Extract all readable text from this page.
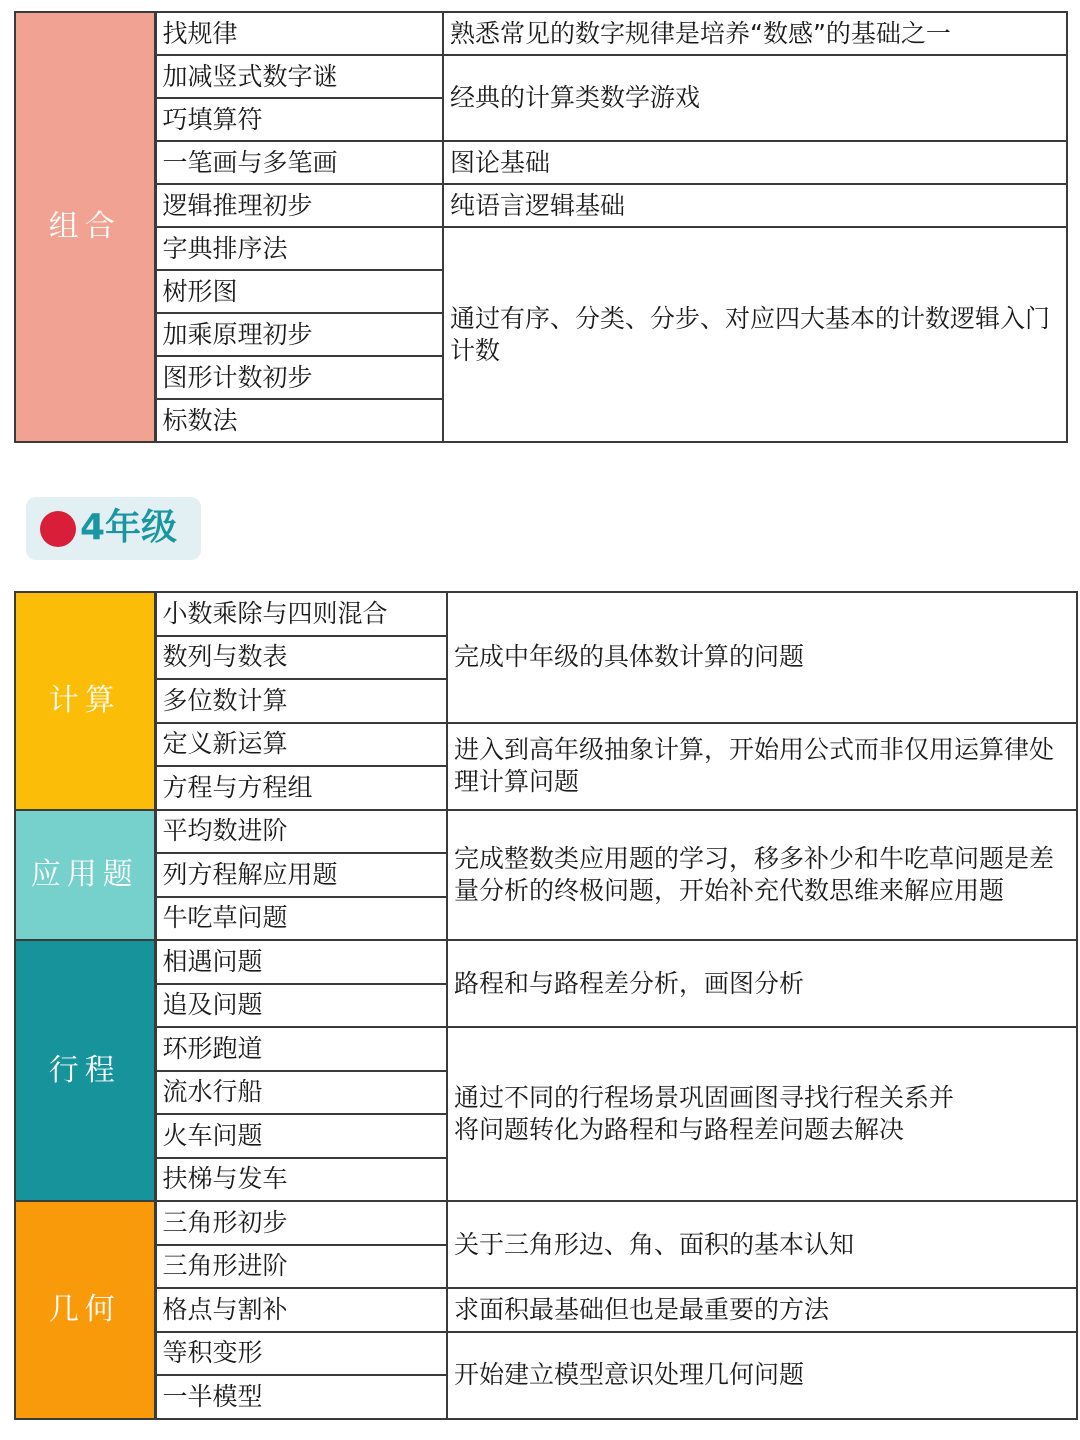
组合	找规律	熟悉常见的数字规律是培养“数感”的基础之一
	加减竖式数字谜	经典的计算类数学游戏
	巧填算符	
	一笔画与多笔画	图论基础
	逻辑推理初步	纯语言逻辑基础
	字典排序法	通过有序、分类、分步、对应四大基本的计数逻辑入门计数
	树形图	
	加乘原理初步	
	图形计数初步	
	标数法	
4年级
计算	小数乘除与四则混合	完成中年级的具体数计算的问题
	数列与数表	
	多位数计算	
	定义新运算	进入到高年级抽象计算，开始用公式而非仅用运算律处理计算问题
	方程与方程组	
应用题	平均数进阶	完成整数类应用题的学习，移多补少和牛吃草问题是差量分析的终极问题，开始补充代数思维来解应用题
	列方程解应用题	
	牛吃草问题	
行程	相遇问题	路程和与路程差分析，画图分析
	追及问题	
	环形跑道	通过不同的行程场景巩固画图寻找行程关系并将问题转化为路程和与路程差问题去解决
	流水行船	
	火车问题	
	扶梯与发车	
几何	三角形初步	关于三角形边、角、面积的基本认知
	三角形进阶	
	格点与割补	求面积最基础但也是最重要的方法
	等积变形	开始建立模型意识处理几何问题
	一半模型	
